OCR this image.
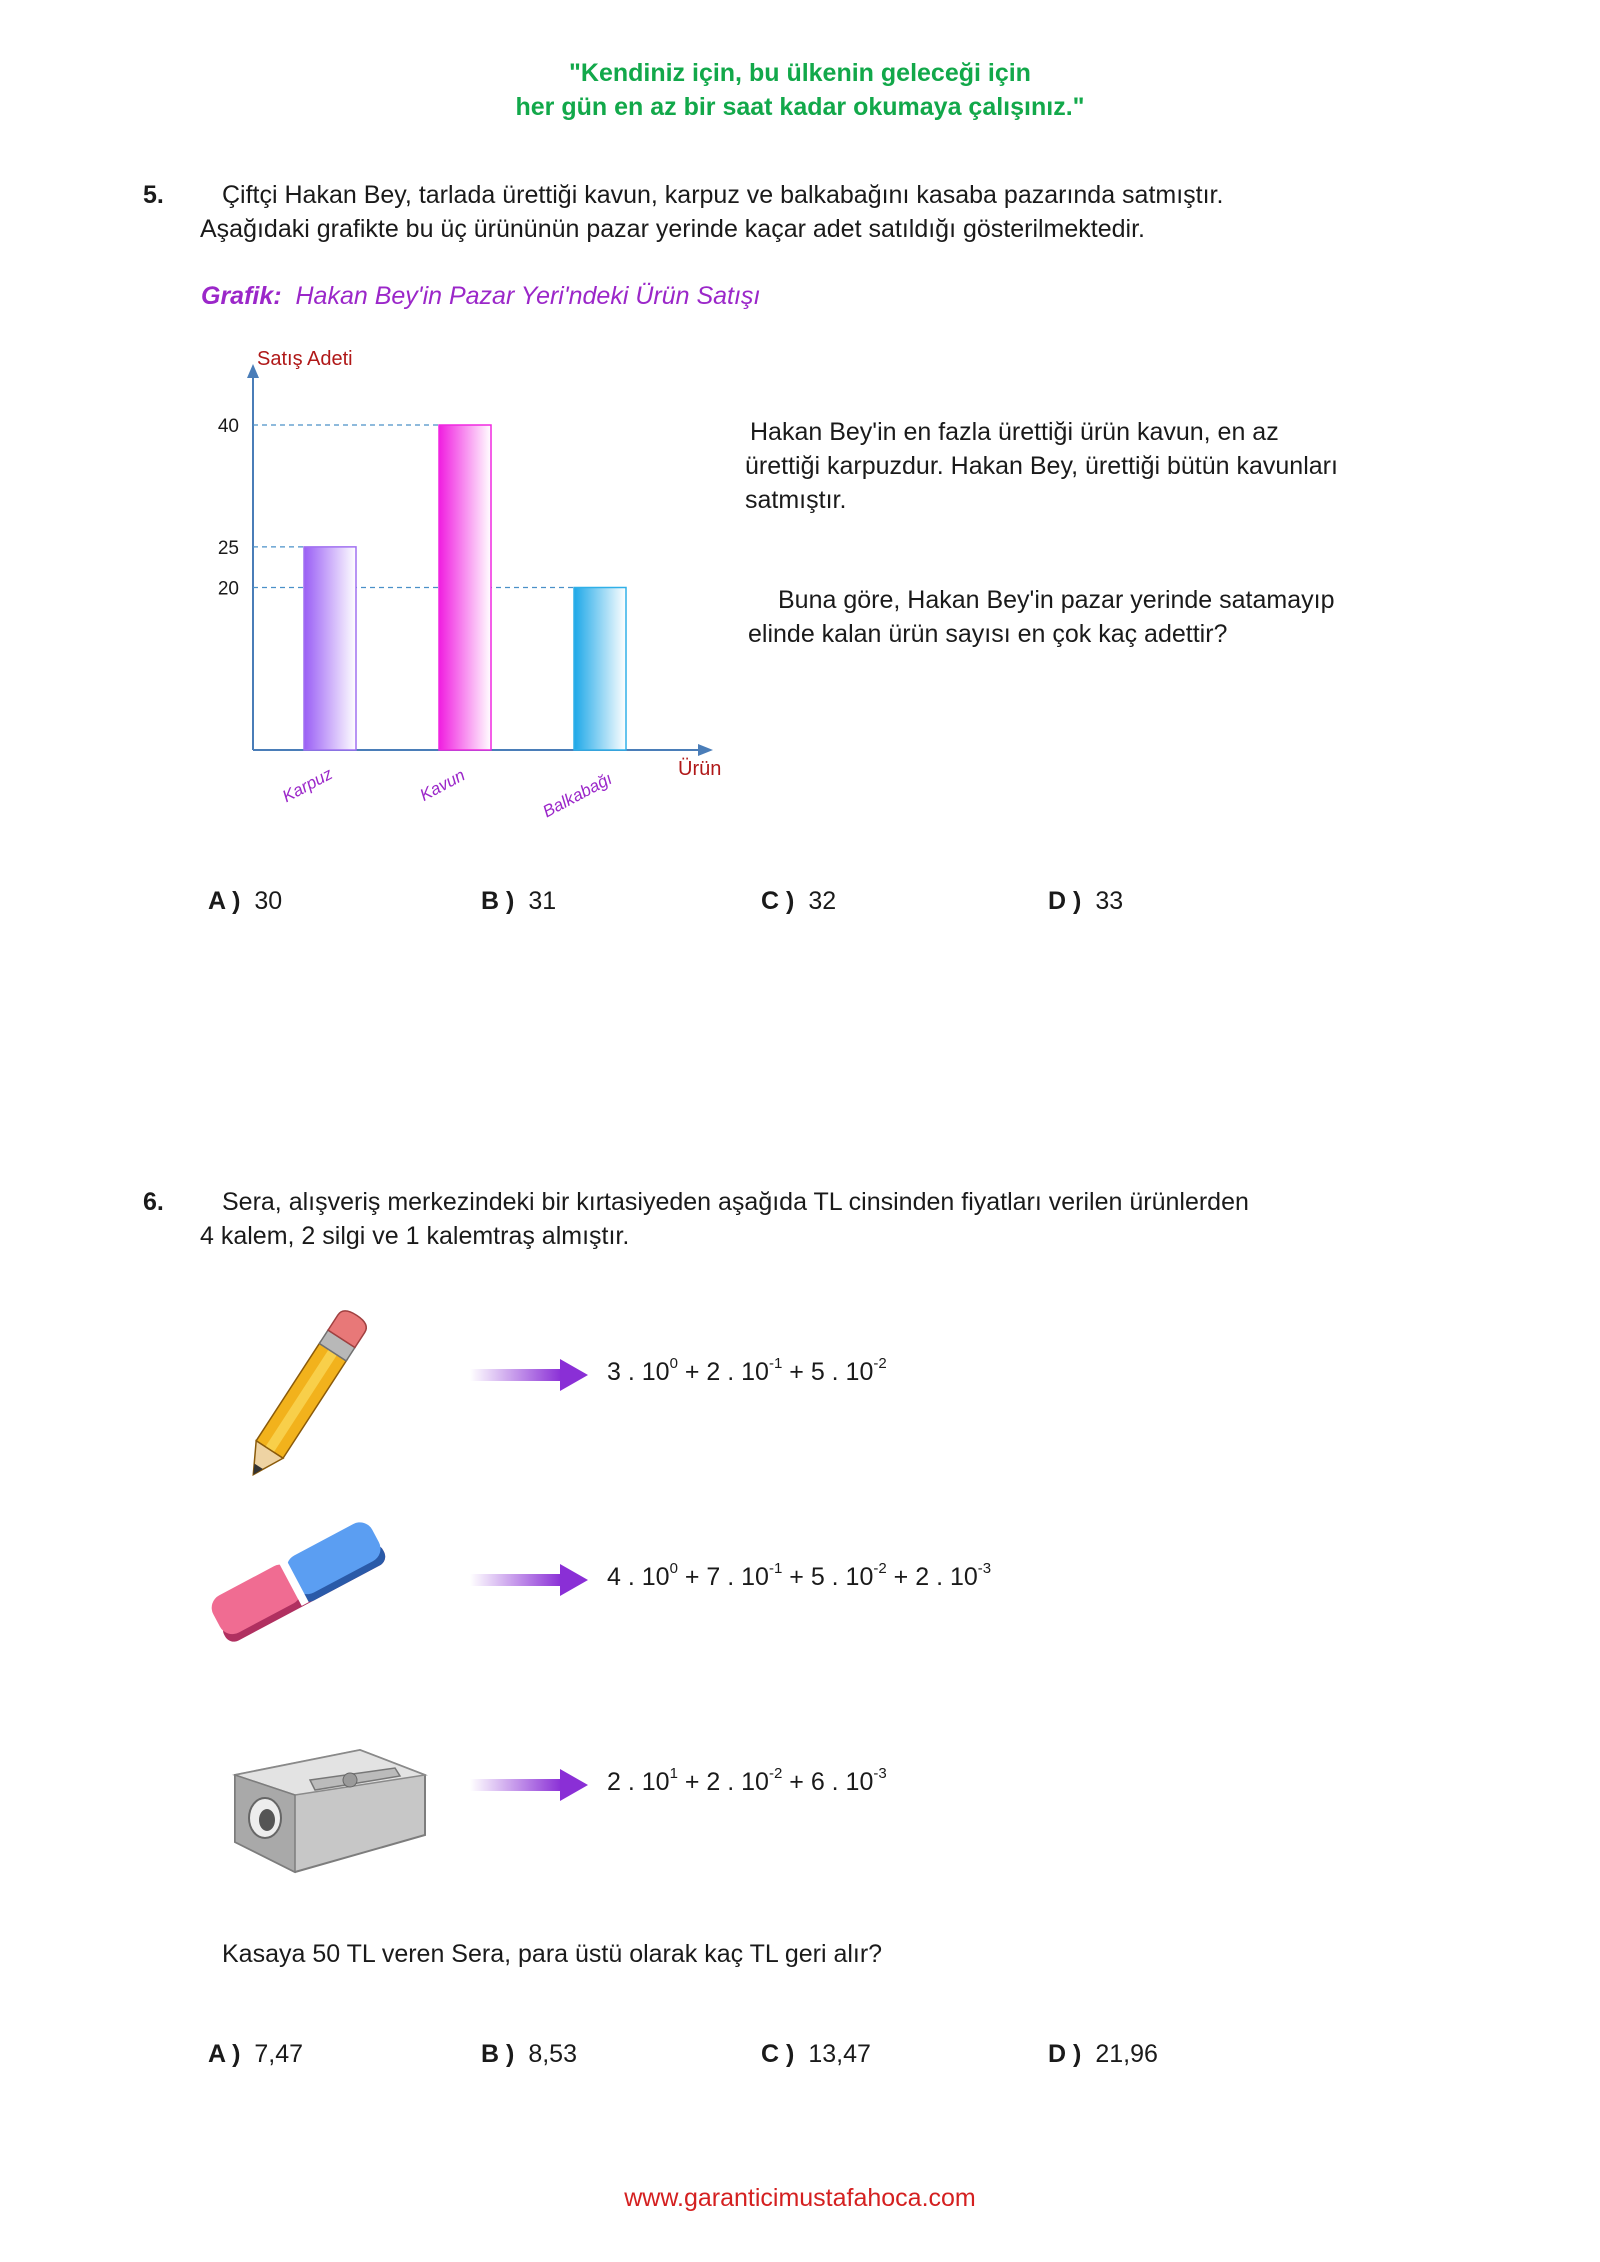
"Kendiniz için, bu ülkenin geleceği için
her gün en az bir saat kadar okumaya çalışınız."
5. Çiftçi Hakan Bey, tarlada ürettiği kavun, karpuz ve balkabağını kasaba pazarında satmıştır.
Aşağıdaki grafikte bu üç ürününün pazar yerinde kaçar adet satıldığı gösterilmektedir.
Grafik: Hakan Bey'in Pazar Yeri'ndeki Ürün Satışı
20
25
40
Karpuz	Kavun	Balkabağı
Satış Adeti
Ürün
Hakan Bey'in en fazla ürettiği ürün kavun, en az
ürettiği karpuzdur. Hakan Bey, ürettiği bütün kavunları
satmıştır.
Buna göre, Hakan Bey'in pazar yerinde satamayıp
elinde kalan ürün sayısı en çok kaç adettir?
A ) 30	B ) 31	C ) 32	D ) 33
6. Sera, alışveriş merkezindeki bir kırtasiyeden aşağıda TL cinsinden fiyatları verilen ürünlerden
4 kalem, 2 silgi ve 1 kalemtraş almıştır.
3 . $10^0 + 2$ . $10^{-1} + 5$ . $10^{-2}$
4 . $10^0 + 7$ . $10^{-1} + 5$ . $10^{-2} + 2$ . $10^{-3}$
2 . $10^1 + 2$ . $10^{-2} + 6$ . $10^{-3}$
Kasaya 50 TL veren Sera, para üstü olarak kaç TL geri alır?
A ) 7,47	B ) 8,53	C ) 13,47	D ) 21,96
www.garanticimustafahoca.com
